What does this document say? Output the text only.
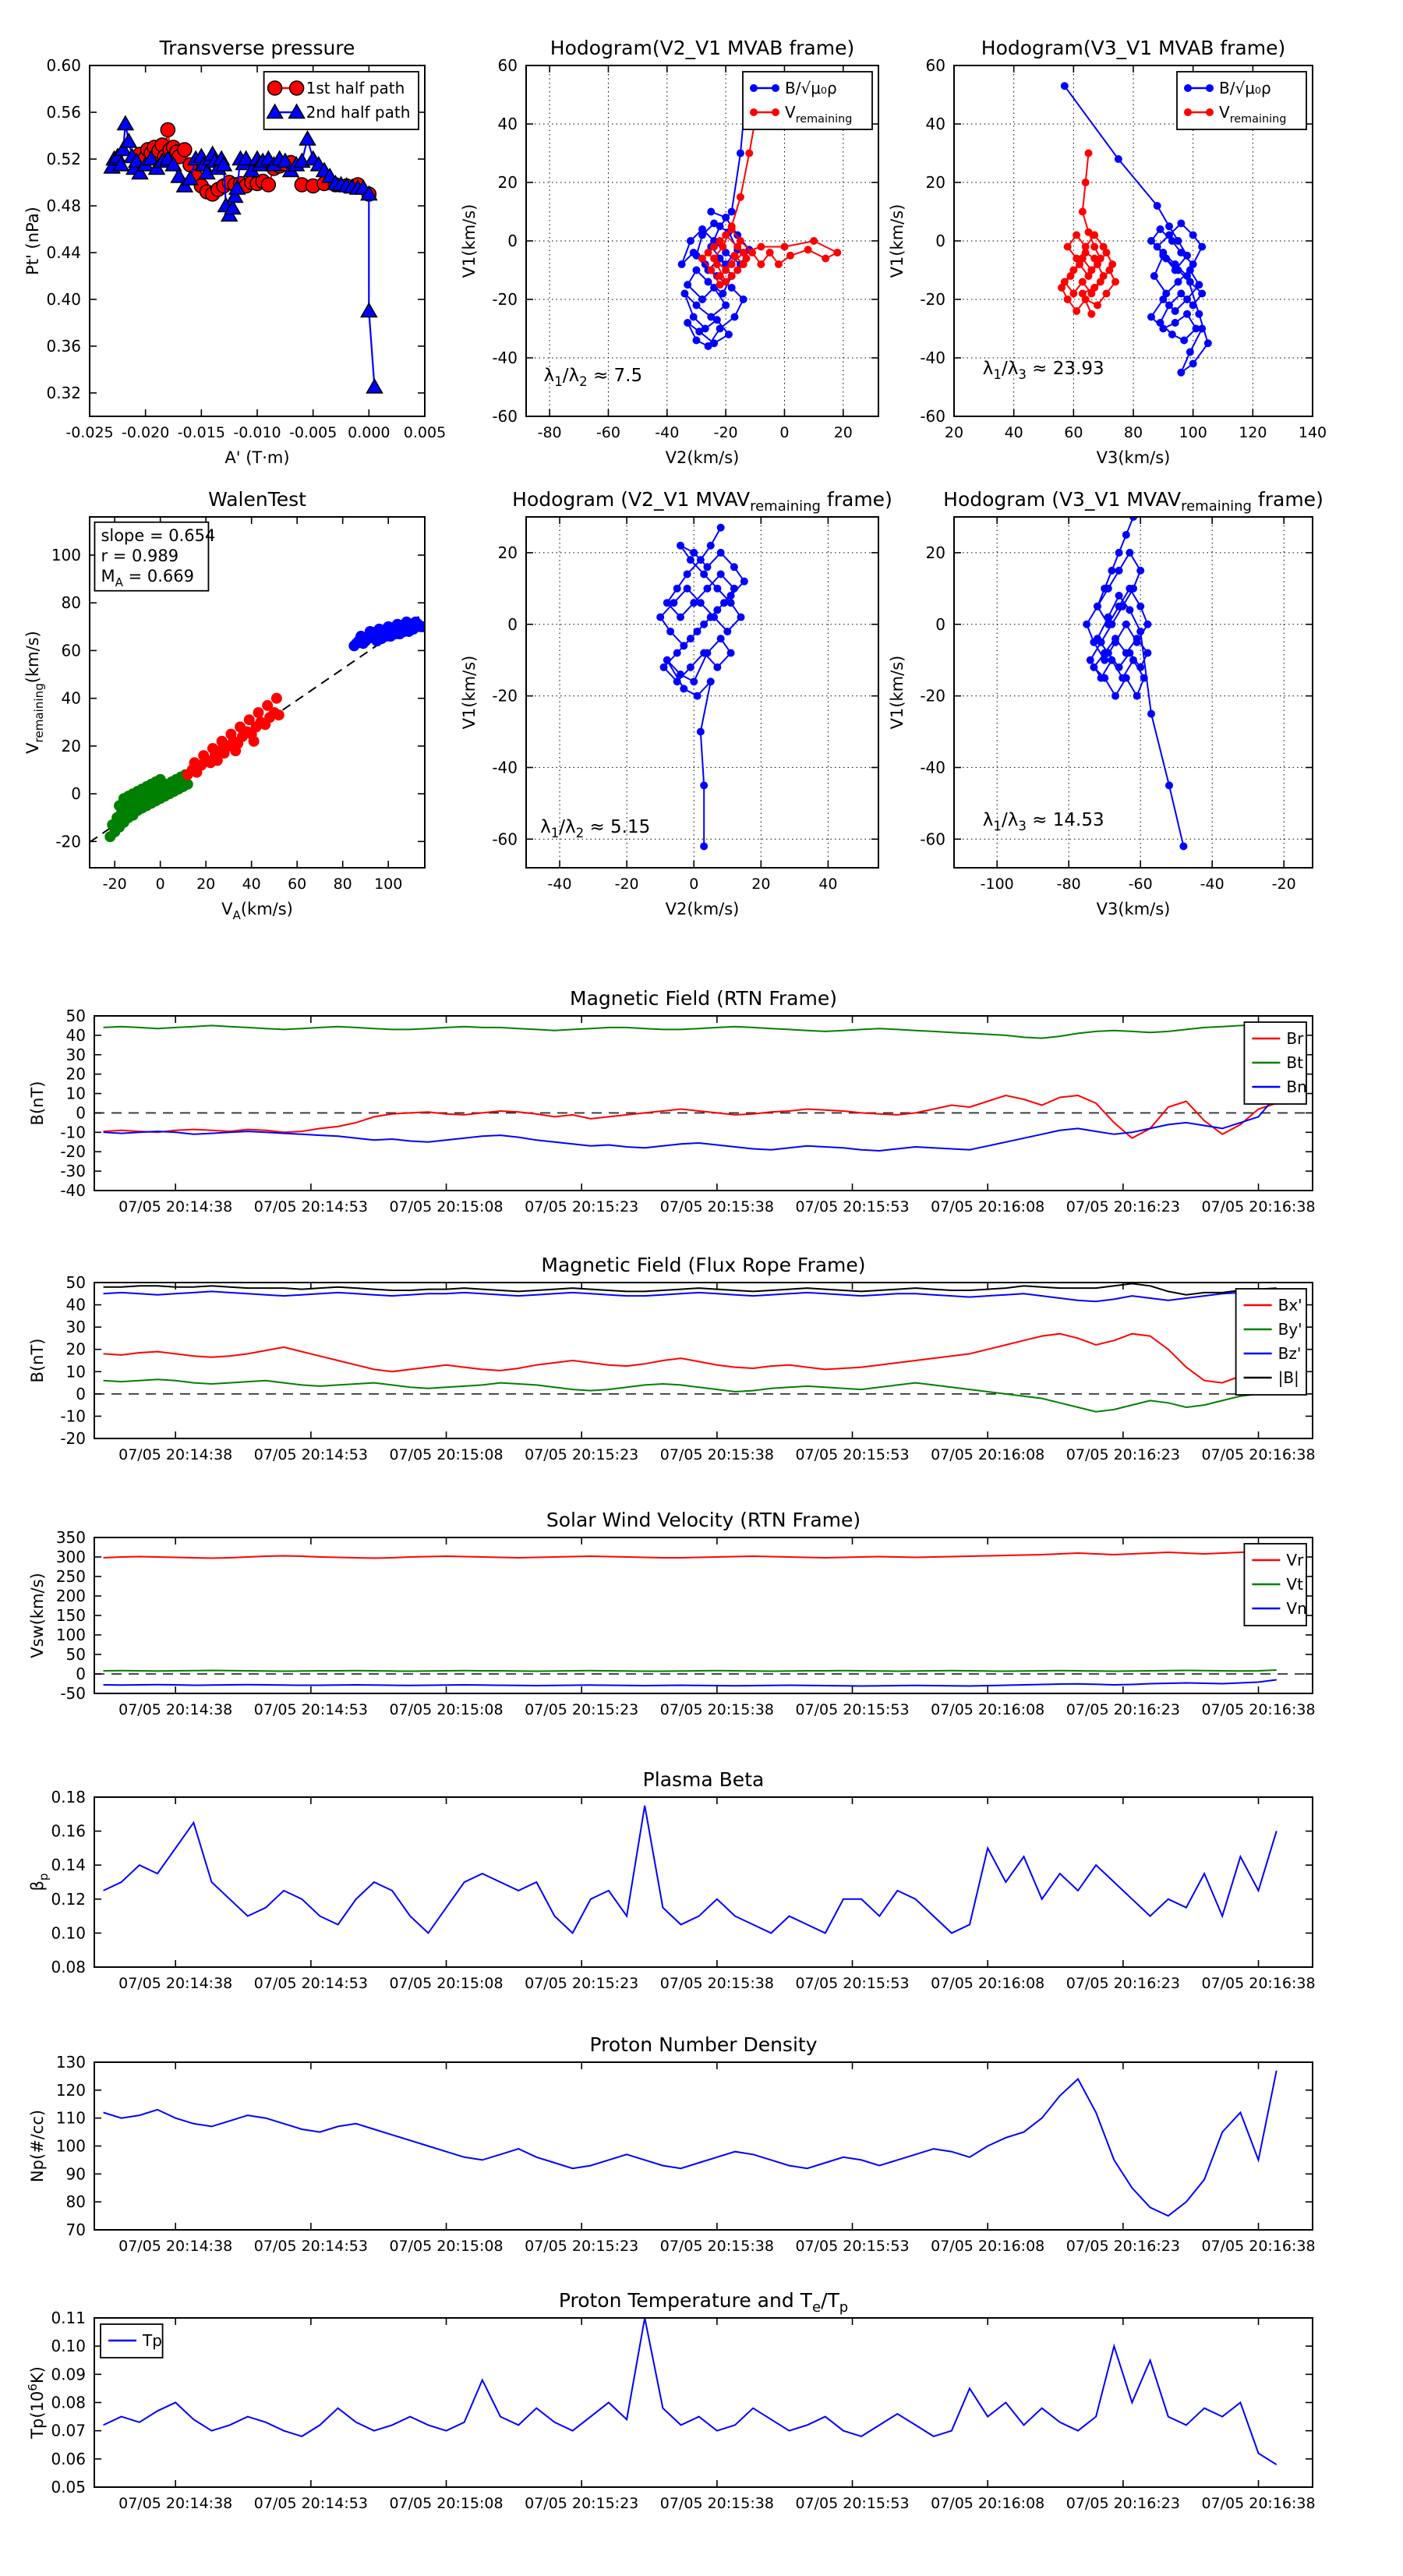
-0.025 -0.020 -0.015 -0.010 -0.005 0.000 0.005
0.32
0.36
0.40
0.44
0.48
0.52
0.56
0.60
Transverse pressure
A' (T·m)
Pt' (nPa)
1st half path
2nd half path
-80 -60 -40 -20	0	20
-60
-40
-20
0
20
40
60
Hodogram(V2_V1 MVAB frame)
V2(km/s)
V1(km/s)
B/√μ₀ρ
$V_{remaining}$
$\lambda_1/\lambda_2 \approx 7.5$
20	40	60	80 100 120 140
-60
-40
-20
0
20
40
60
Hodogram(V3_V1 MVAB frame)
V3(km/s)
V1(km/s)
B/√μ₀ρ
$V_{remaining}$
$\lambda_1/\lambda_3 \approx 23.93$
-20 0 20 40 60 80 100
-20
0
20
40
60
80
100
WalenTest
$V_A(km/s)$
$V_{remaining}(km/s)$
slope = 0.654
r = 0.989
$M_A = 0.669$
-40	-20	0	20	40
-60
-40
-20
0
20
Hodogram (V2_V1 $MVAV_{remaining}$ frame)
V2(km/s)
V1(km/s)
$\lambda_1/\lambda_2 \approx 5.15$
-100	-80	-60	-40	-20
-60
-40
-20
0
20
Hodogram (V3_V1 $MVAV_{remaining}$ frame)
V3(km/s)
V1(km/s)
$\lambda_1/\lambda_3 \approx 14.53$
07/05 20:14:38 07/05 20:14:53 07/05 20:15:08 07/05 20:15:23 07/05 20:15:38 07/05 20:15:53 07/05 20:16:08 07/05 20:16:23 07/05 20:16:38
-40
-30
-20
-10
0
10
20
30
40
50
Magnetic Field (RTN Frame)
B(nT)
Br
Bt
Bn
07/05 20:14:38 07/05 20:14:53 07/05 20:15:08 07/05 20:15:23 07/05 20:15:38 07/05 20:15:53 07/05 20:16:08 07/05 20:16:23 07/05 20:16:38
-20
-10
0
10
20
30
40
50
Magnetic Field (Flux Rope Frame)
B(nT)
Bx'
By'
Bz'
|B|
07/05 20:14:38 07/05 20:14:53 07/05 20:15:08 07/05 20:15:23 07/05 20:15:38 07/05 20:15:53 07/05 20:16:08 07/05 20:16:23 07/05 20:16:38
-50
0
50
100
150
200
250
300
350
Solar Wind Velocity (RTN Frame)
Vsw(km/s)
Vr
Vt
Vn
07/05 20:14:38 07/05 20:14:53 07/05 20:15:08 07/05 20:15:23 07/05 20:15:38 07/05 20:15:53 07/05 20:16:08 07/05 20:16:23 07/05 20:16:38
0.08
0.10
0.12
0.14
0.16
0.18
Plasma Beta
$\beta_p$
07/05 20:14:38 07/05 20:14:53 07/05 20:15:08 07/05 20:15:23 07/05 20:15:38 07/05 20:15:53 07/05 20:16:08 07/05 20:16:23 07/05 20:16:38
70
80
90
100
110
120
130
Proton Number Density
Np(#/cc)
07/05 20:14:38 07/05 20:14:53 07/05 20:15:08 07/05 20:15:23 07/05 20:15:38 07/05 20:15:53 07/05 20:16:08 07/05 20:16:23 07/05 20:16:38
0.05
0.06
0.07
0.08
0.09
0.10
0.11
Proton Temperature and $T_e/T_p$
$Tp(10^6K)$
Tp
